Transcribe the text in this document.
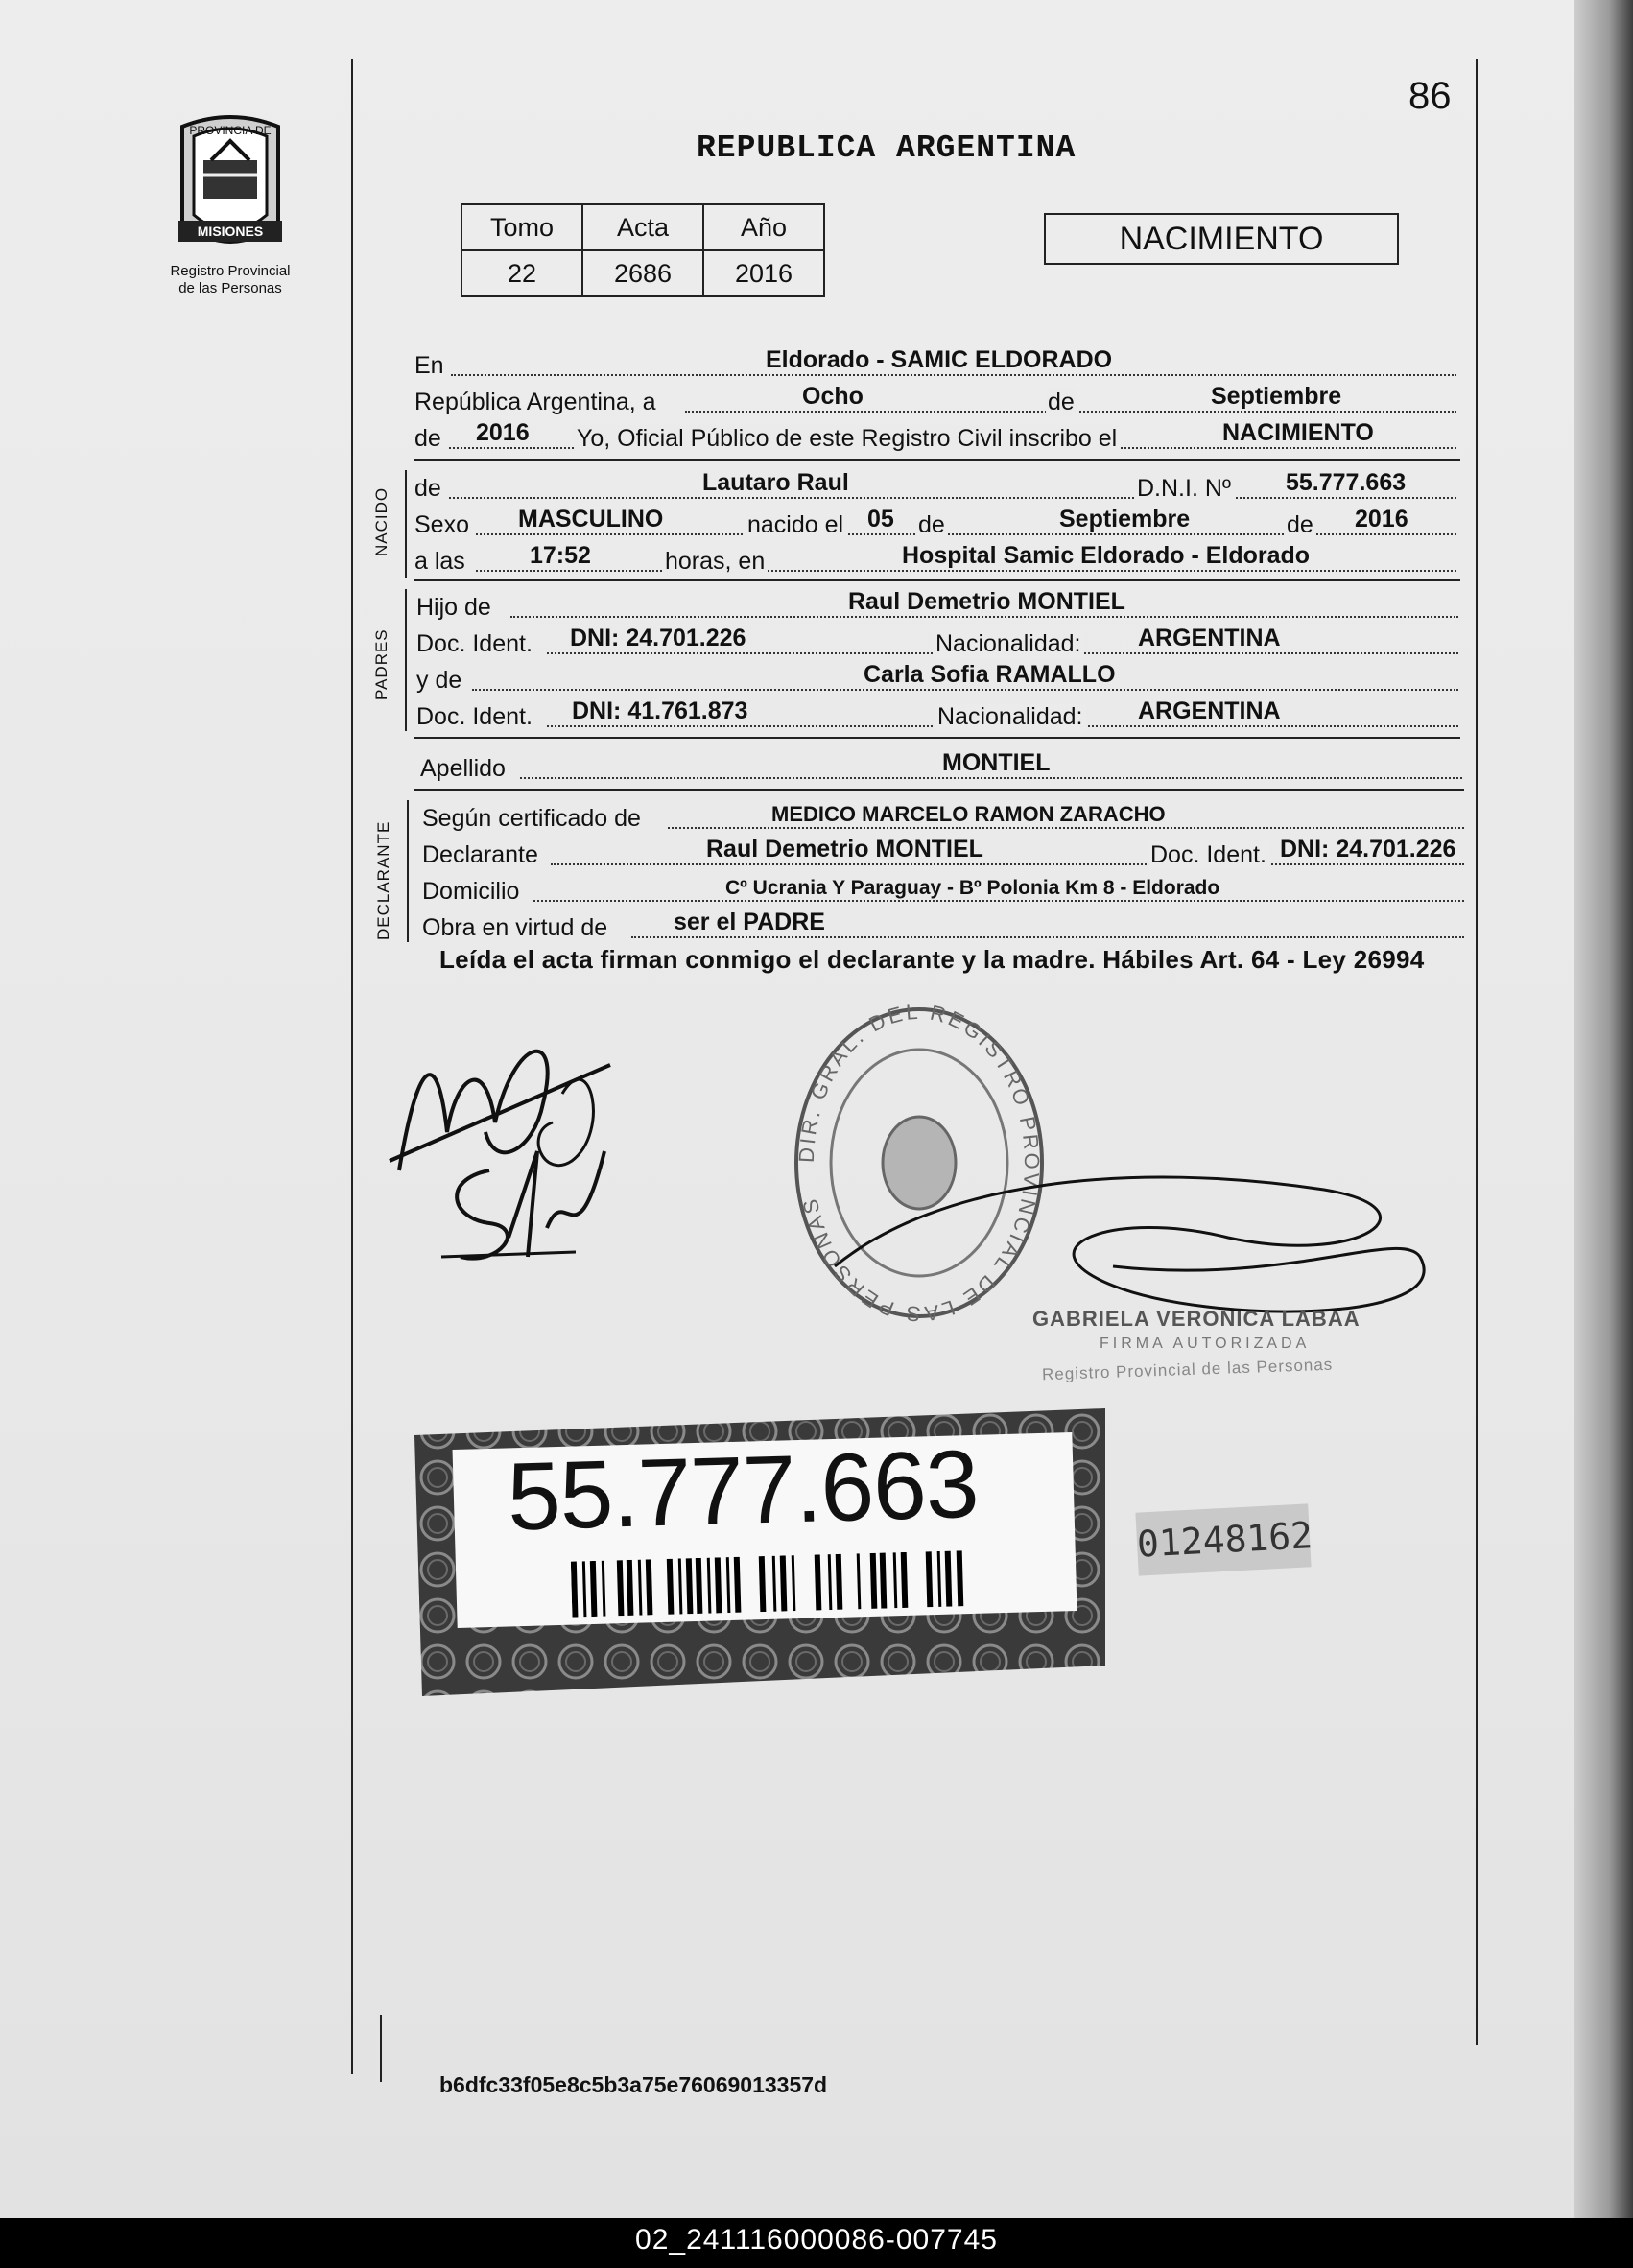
86
REPUBLICA ARGENTINA
PROVINCIA DE
MISIONES
Registro Provincial
de las Personas
Tomo	Acta	Año
22	2686	2016
NACIMIENTO
En	Eldorado - SAMIC ELDORADO
República Argentina, a	Ocho	de	Septiembre
de 2016 Yo, Oficial Público de este Registro Civil inscribo el	NACIMIENTO
NACIDO de	Lautaro Raul	D.N.I. Nº 55.777.663
Sexo MASCULINO	nacido el 05 de	Septiembre	de 2016
a las	17:52	horas, en	Hospital Samic Eldorado - Eldorado
PADRES
Hijo de	Raul Demetrio MONTIEL
Doc. Ident. DNI: 24.701.226	Nacionalidad: ARGENTINA
y de	Carla Sofia RAMALLO
Doc. Ident. DNI: 41.761.873	Nacionalidad: ARGENTINA
Apellido	MONTIEL
DECLARANTE
Según certificado de	MEDICO MARCELO RAMON ZARACHO
Declarante	Raul Demetrio MONTIEL	Doc. Ident. DNI: 24.701.226
Domicilio	Cº Ucrania Y Paraguay - Bº Polonia Km 8 - Eldorado
Obra en virtud de	ser el PADRE
Leída el acta firman conmigo el declarante y la madre. Hábiles Art. 64 - Ley 26994
DIR. GRAL. DEL REGISTRO PROVINCIAL DE LAS PERSONAS
GABRIELA VERONICA LABAA
FIRMA AUTORIZADA
Registro Provincial de las Personas
55.777.663	01248162
b6dfc33f05e8c5b3a75e76069013357d
02_241116000086-007745
